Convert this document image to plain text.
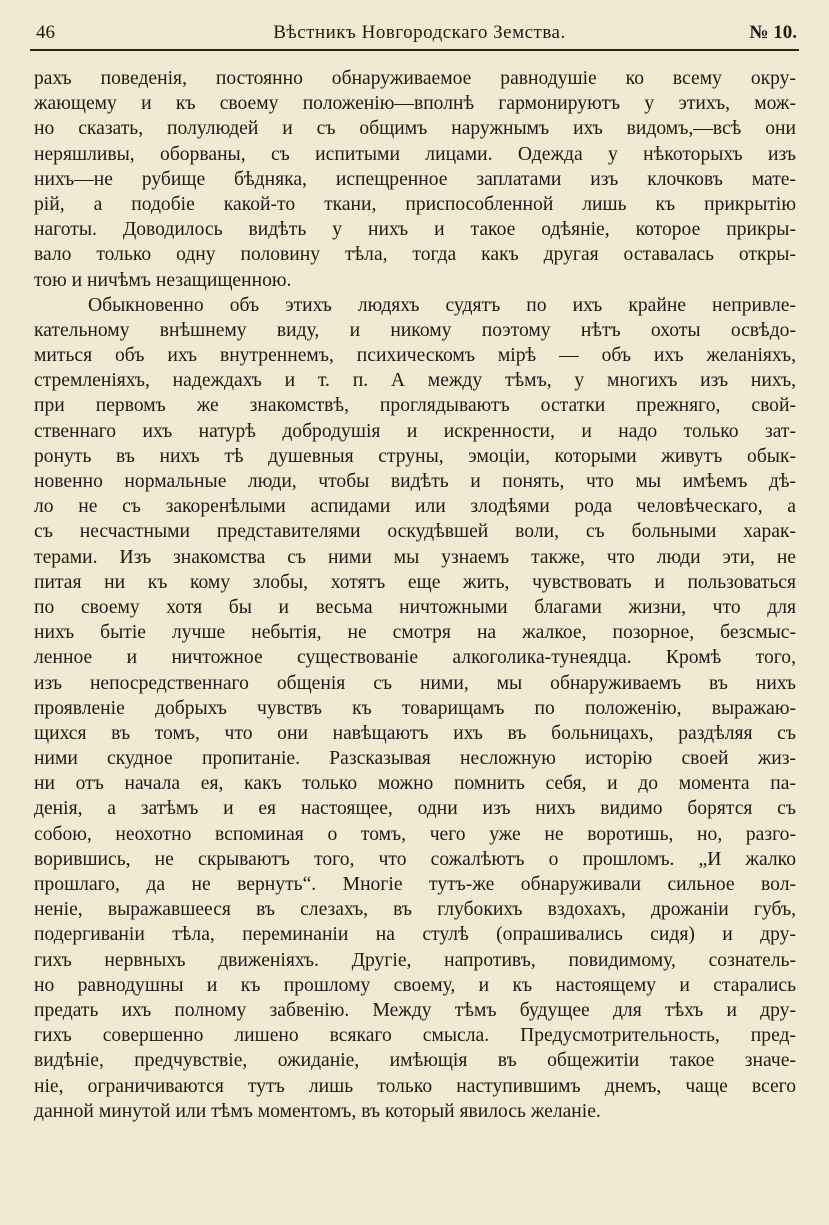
46	Вѣстникъ Новгородскаго Земства.	№ 10.

рахъ поведенія, постоянно обнаруживаемое равнодушіе ко всему окру-
жающему и къ своему положенію—вполнѣ гармонируютъ у этихъ, мож-
но сказать, полулюдей и съ общимъ наружнымъ ихъ видомъ,—всѣ они
неряшливы, оборваны, съ испитыми лицами. Одежда у нѣкоторыхъ изъ
нихъ—не рубище бѣдняка, испещренное заплатами изъ клочковъ мате-
рій, а подобіе какой-то ткани, приспособленной лишь къ прикрытію
наготы. Доводилось видѣть у нихъ и такое одѣяніе, которое прикры-
вало только одну половину тѣла, тогда какъ другая оставалась откры-
тою и ничѣмъ незащищенною.

Обыкновенно объ этихъ людяхъ судятъ по ихъ крайне непривле-
кательному внѣшнему виду, и никому поэтому нѣтъ охоты освѣдо-
миться объ ихъ внутреннемъ, психическомъ мірѣ — объ ихъ желаніяхъ,
стремленіяхъ, надеждахъ и т. п. А между тѣмъ, у многихъ изъ нихъ,
при первомъ же знакомствѣ, проглядываютъ остатки прежняго, свой-
ственнаго ихъ натурѣ добродушія и искренности, и надо только зат-
ронуть въ нихъ тѣ душевныя струны, эмоціи, которыми живутъ обык-
новенно нормальные люди, чтобы видѣть и понять, что мы имѣемъ дѣ-
ло не съ закоренѣлыми аспидами или злодѣями рода человѣческаго, а
съ несчастными представителями оскудѣвшей воли, съ больными харак-
терами. Изъ знакомства съ ними мы узнаемъ также, что люди эти, не
питая ни къ кому злобы, хотятъ еще жить, чувствовать и пользоваться
по своему хотя бы и весьма ничтожными благами жизни, что для
нихъ бытіе лучше небытія, не смотря на жалкое, позорное, безсмыс-
ленное и ничтожное существованіе алкоголика-тунеядца. Кромѣ того,
изъ непосредственнаго общенія съ ними, мы обнаруживаемъ въ нихъ
проявленіе добрыхъ чувствъ къ товарищамъ по положенію, выражаю-
щихся въ томъ, что они навѣщаютъ ихъ въ больницахъ, раздѣляя съ
ними скудное пропитаніе. Разсказывая несложную исторію своей жиз-
ни отъ начала ея, какъ только можно помнить себя, и до момента па-
денія, а затѣмъ и ея настоящее, одни изъ нихъ видимо борятся съ
собою, неохотно вспоминая о томъ, чего уже не воротишь, но, разго-
ворившись, не скрываютъ того, что сожалѣютъ о прошломъ. „И жалко
прошлаго, да не вернуть“. Многіе тутъ-же обнаруживали сильное вол-
неніе, выражавшееся въ слезахъ, въ глубокихъ вздохахъ, дрожаніи губъ,
подергиваніи тѣла, переминаніи на стулѣ (опрашивались сидя) и дру-
гихъ нервныхъ движеніяхъ. Другіе, напротивъ, повидимому, сознатель-
но равнодушны и къ прошлому своему, и къ настоящему и старались
предать ихъ полному забвенію. Между тѣмъ будущее для тѣхъ и дру-
гихъ совершенно лишено всякаго смысла. Предусмотрительность, пред-
видѣніе, предчувствіе, ожиданіе, имѣющія въ общежитіи такое значе-
ніе, ограничиваются тутъ лишь только наступившимъ днемъ, чаще всего
данной минутой или тѣмъ моментомъ, въ который явилось желаніе.
